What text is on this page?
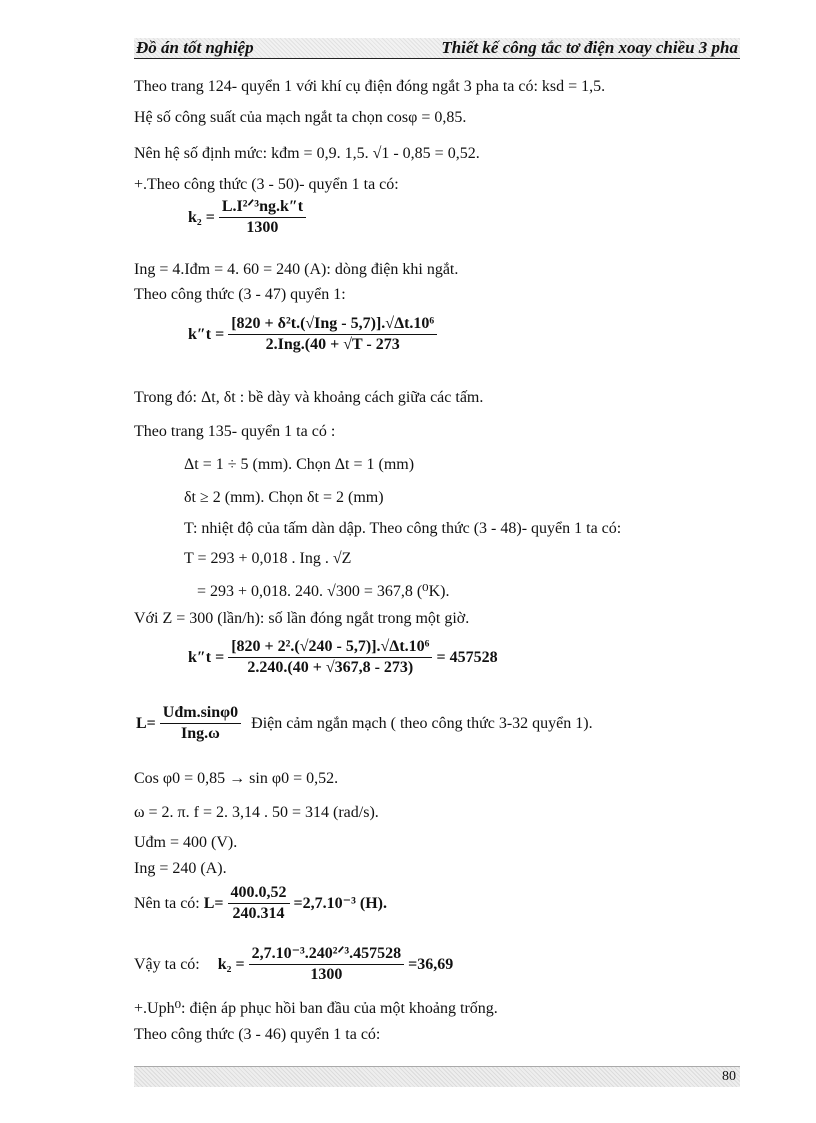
Đồ án tốt nghiệp	Thiết kế công tắc tơ điện xoay chiều 3 pha
Theo trang 124- quyển 1 với khí cụ điện đóng ngắt 3 pha ta có: ksd = 1,5.
Hệ số công suất của mạch ngắt ta chọn cosφ = 0,85.
Nên hệ số định mức: kđm = 0,9. 1,5. √1 - 0,85 = 0,52.
+.Theo công thức (3 - 50)- quyển 1 ta có:
$k_2 = \frac{\text{L.I²ᐟ³ng.k″t}}{1300}$
Ing = 4.Iđm = 4. 60 = 240 (A): dòng điện khi ngắt.
Theo công thức (3 - 47) quyển 1:
$k''t = \frac{\text{[820 + δ²t.(√Ing - 5,7)].√Δt.10⁶}}{\text{2.Ing.(40 + √T - 273}}$
Trong đó: Δt, δt : bề dày và khoảng cách giữa các tấm.
Theo trang 135- quyển 1 ta có :
Δt = 1 ÷ 5 (mm). Chọn Δt = 1 (mm)
δt ≥ 2 (mm). Chọn δt = 2 (mm)
T: nhiệt độ của tấm dàn dập. Theo công thức (3 - 48)- quyển 1 ta có:
T = 293 + 0,018 . Ing . √Z
= 293 + 0,018. 240. √300 = 367,8 (⁰K).
Với Z = 300 (lần/h): số lần đóng ngắt trong một giờ.
$k''t = \frac{\text{[820 + 2².(√240 - 5,7)].√Δt.10⁶}}{2.240.(40 + √367,8 - 273)} = 457528$
$L= \frac{\text{Uđm.sinφ0}}{\text{Ing.ω}}$ Điện cảm ngắn mạch ( theo công thức 3-32 quyển 1).
Cos φ0 = 0,85 → sin φ0 = 0,52.
ω = 2. π. f = 2. 3,14 . 50 = 314 (rad/s).
Uđm = 400 (V).
Ing = 240 (A).
Nên ta có: $L= \frac{400.0,52}{240.314} =2,7.10^{-3}$ (H).
Vậy ta có: $k_2 = \frac{\text{2,7.10⁻³.240²ᐟ³.457528}}{1300} =36,69$
+.Uph⁰: điện áp phục hồi ban đầu của một khoảng trống.
Theo công thức (3 - 46) quyển 1 ta có:
80
